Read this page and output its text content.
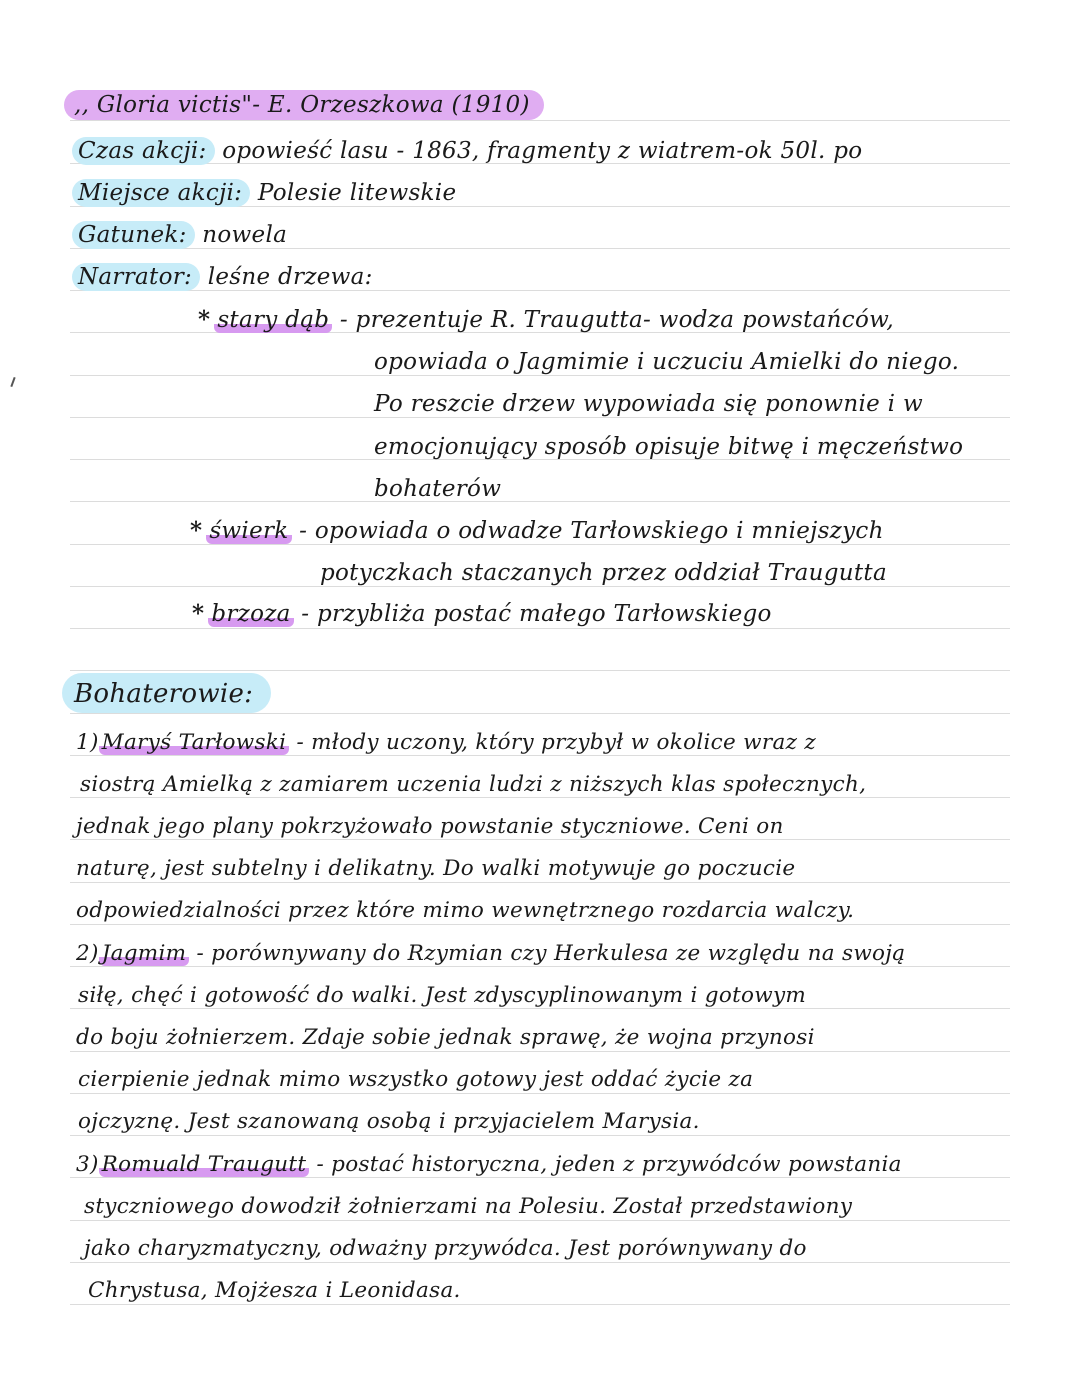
,, Gloria victis"- E. Orzeszkowa (1910)
Czas akcji: opowieść lasu - 1863, fragmenty z wiatrem-ok 50l. po
Miejsce akcji: Polesie litewskie
Gatunek: nowela
Narrator: leśne drzewa:
* stary dąb - prezentuje R. Traugutta- wodza powstańców,
opowiada o Jagmimie i uczuciu Amielki do niego.
Po reszcie drzew wypowiada się ponownie i w
emocjonujący sposób opisuje bitwę i męczeństwo
bohaterów
* świerk - opowiada o odwadze Tarłowskiego i mniejszych
potyczkach staczanych przez oddział Traugutta
* brzoza - przybliża postać małego Tarłowskiego
Bohaterowie:
1) Maryś Tarłowski - młody uczony, który przybył w okolice wraz z
siostrą Amielką z zamiarem uczenia ludzi z niższych klas społecznych,
jednak jego plany pokrzyżowało powstanie styczniowe. Ceni on
naturę, jest subtelny i delikatny. Do walki motywuje go poczucie
odpowiedzialności przez które mimo wewnętrznego rozdarcia walczy.
2) Jagmim - porównywany do Rzymian czy Herkulesa ze względu na swoją
siłę, chęć i gotowość do walki. Jest zdyscyplinowanym i gotowym
do boju żołnierzem. Zdaje sobie jednak sprawę, że wojna przynosi
cierpienie jednak mimo wszystko gotowy jest oddać życie za
ojczyznę. Jest szanowaną osobą i przyjacielem Marysia.
3) Romuald Traugutt - postać historyczna, jeden z przywódców powstania
styczniowego dowodził żołnierzami na Polesiu. Został przedstawiony
jako charyzmatyczny, odważny przywódca. Jest porównywany do
Chrystusa, Mojżesza i Leonidasa.
